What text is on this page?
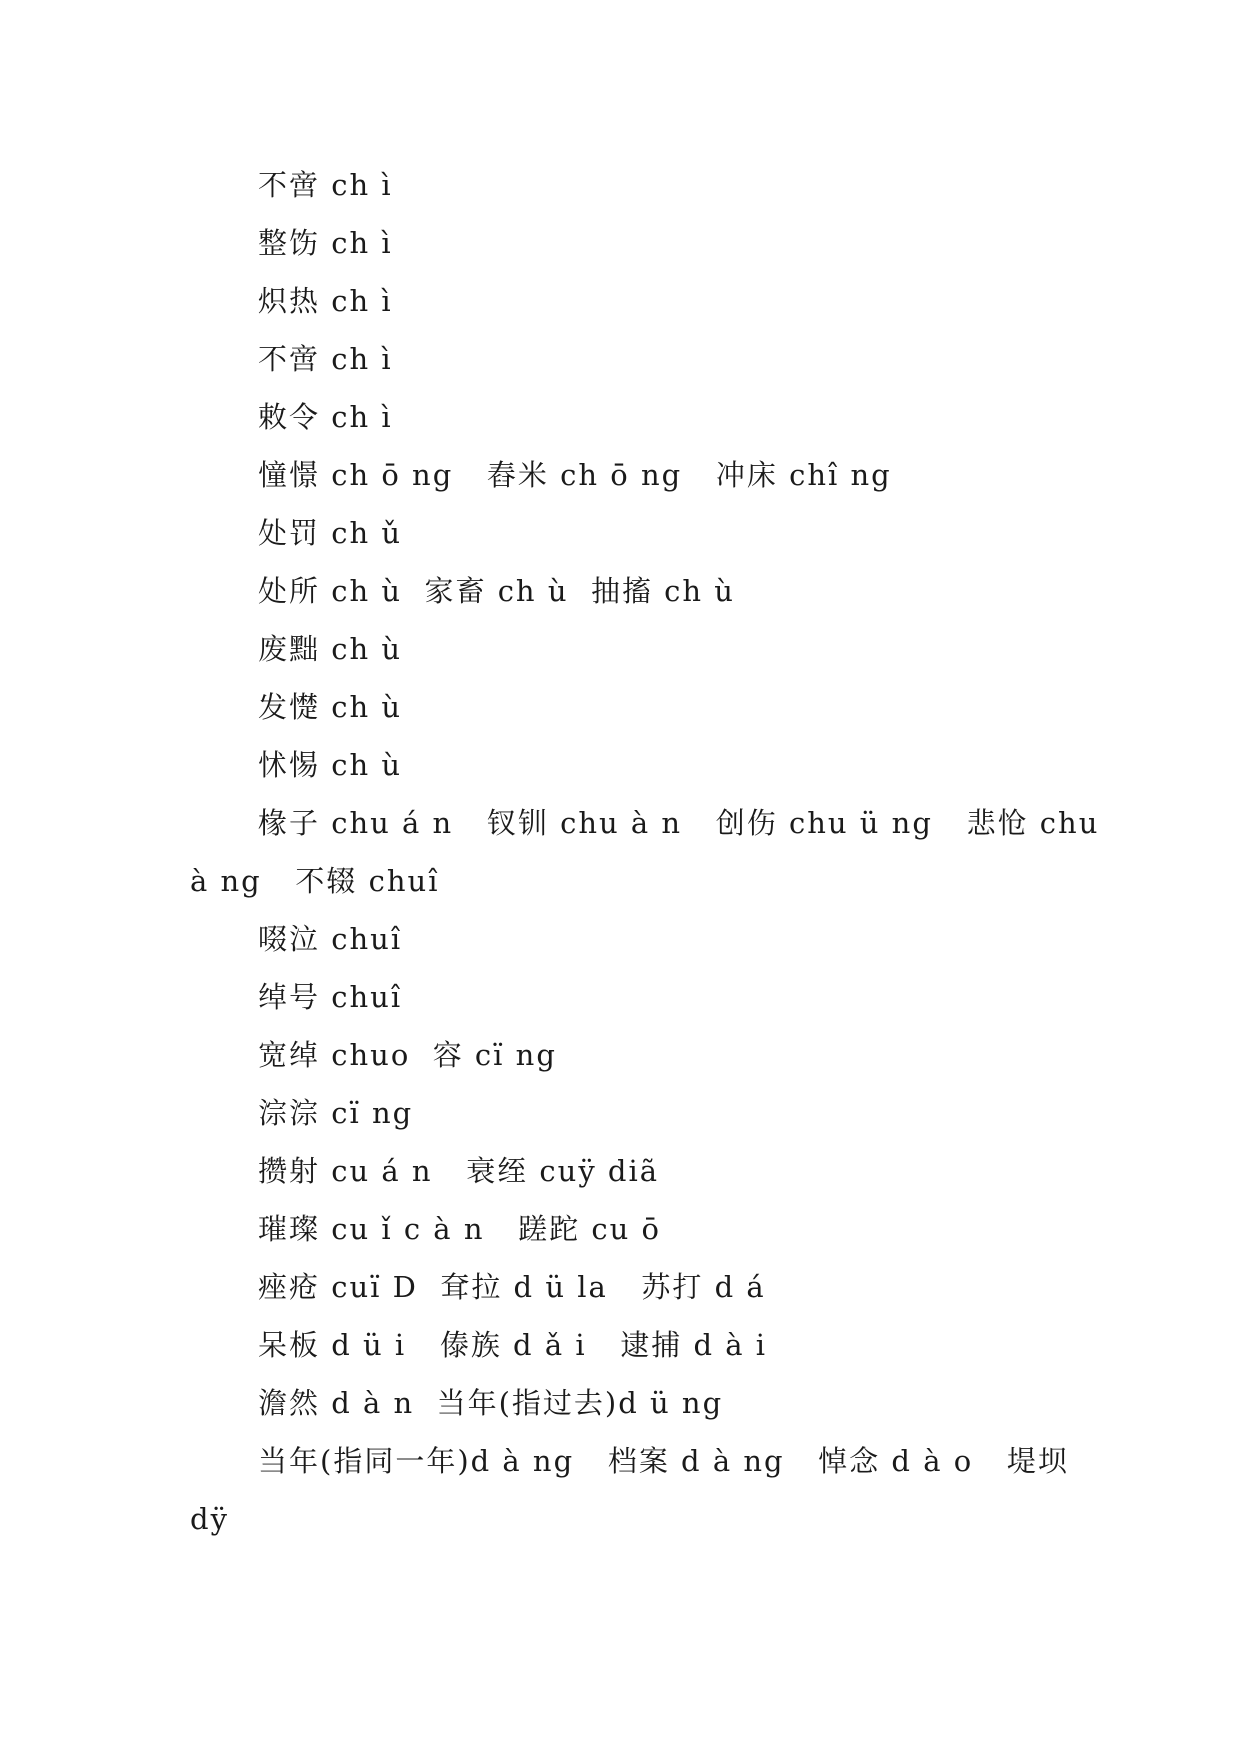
不啻 ch ì
整饬 ch ì
炽热 ch ì
不啻 ch ì
敕令 ch ì
憧憬 ch ō ng   舂米 ch ō ng   冲床 chî ng
处罚 ch ǔ
处所 ch ù  家畜 ch ù  抽搐 ch ù
废黜 ch ù
发憷 ch ù
怵惕 ch ù
椽子 chu á n   钗钏 chu à n   创伤 chu ü ng   悲怆 chu
à ng   不辍 chuî
啜泣 chuî
绰号 chuî
宽绰 chuo  容 cï ng
淙淙 cï ng
攒射 cu á n   衰绖 cuÿ diã
璀璨 cu ǐ c à n   蹉跎 cu ō
痤疮 cuï D  耷拉 d ü la   苏打 d á
呆板 d ü i   傣族 d ǎ i   逮捕 d à i
澹然 d à n  当年(指过去)d ü ng
当年(指同一年)d à ng   档案 d à ng   悼念 d à o   堤坝
dÿ
